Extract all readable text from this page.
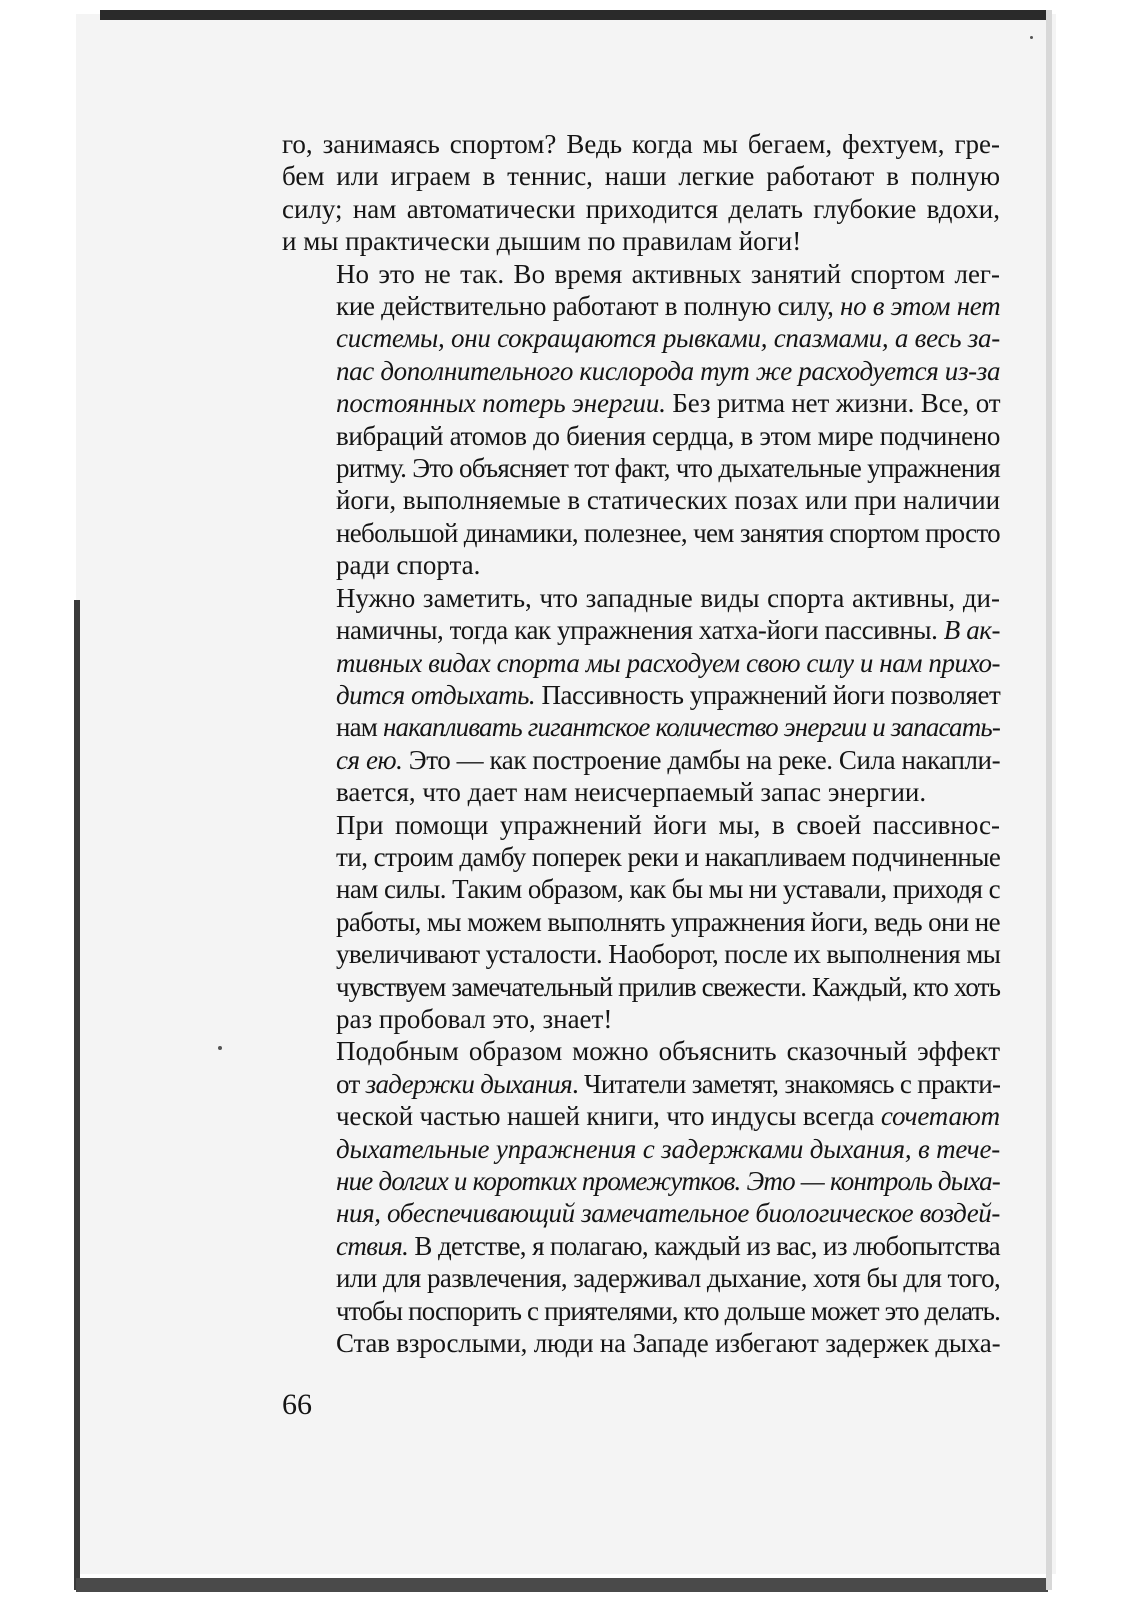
го, занимаясь спортом? Ведь когда мы бегаем, фехтуем, гре-
бем или играем в теннис, наши легкие работают в полную
силу; нам автоматически приходится делать глубокие вдохи,
и мы практически дышим по правилам йоги!

Но это не так. Во время активных занятий спортом лег-
кие действительно работают в полную силу, но в этом нет
системы, они сокращаются рывками, спазмами, а весь за-
пас дополнительного кислорода тут же расходуется из-за
постоянных потерь энергии. Без ритма нет жизни. Все, от
вибраций атомов до биения сердца, в этом мире подчинено
ритму. Это объясняет тот факт, что дыхательные упражнения
йоги, выполняемые в статических позах или при наличии
небольшой динамики, полезнее, чем занятия спортом просто
ради спорта.

Нужно заметить, что западные виды спорта активны, ди-
намичны, тогда как упражнения хатха-йоги пассивны. В ак-
тивных видах спорта мы расходуем свою силу и нам прихо-
дится отдыхать. Пассивность упражнений йоги позволяет
нам накапливать гигантское количество энергии и запасать-
ся ею. Это — как построение дамбы на реке. Сила накапли-
вается, что дает нам неисчерпаемый запас энергии.

При помощи упражнений йоги мы, в своей пассивнос-
ти, строим дамбу поперек реки и накапливаем подчиненные
нам силы. Таким образом, как бы мы ни уставали, приходя с
работы, мы можем выполнять упражнения йоги, ведь они не
увеличивают усталости. Наоборот, после их выполнения мы
чувствуем замечательный прилив свежести. Каждый, кто хоть
раз пробовал это, знает!

Подобным образом можно объяснить сказочный эффект
от задержки дыхания. Читатели заметят, знакомясь с практи-
ческой частью нашей книги, что индусы всегда сочетают
дыхательные упражнения с задержками дыхания, в тече-
ние долгих и коротких промежутков. Это — контроль дыха-
ния, обеспечивающий замечательное биологическое воздей-
ствия. В детстве, я полагаю, каждый из вас, из любопытства
или для развлечения, задерживал дыхание, хотя бы для того,
чтобы поспорить с приятелями, кто дольше может это делать.
Став взрослыми, люди на Западе избегают задержек дыха-

66
